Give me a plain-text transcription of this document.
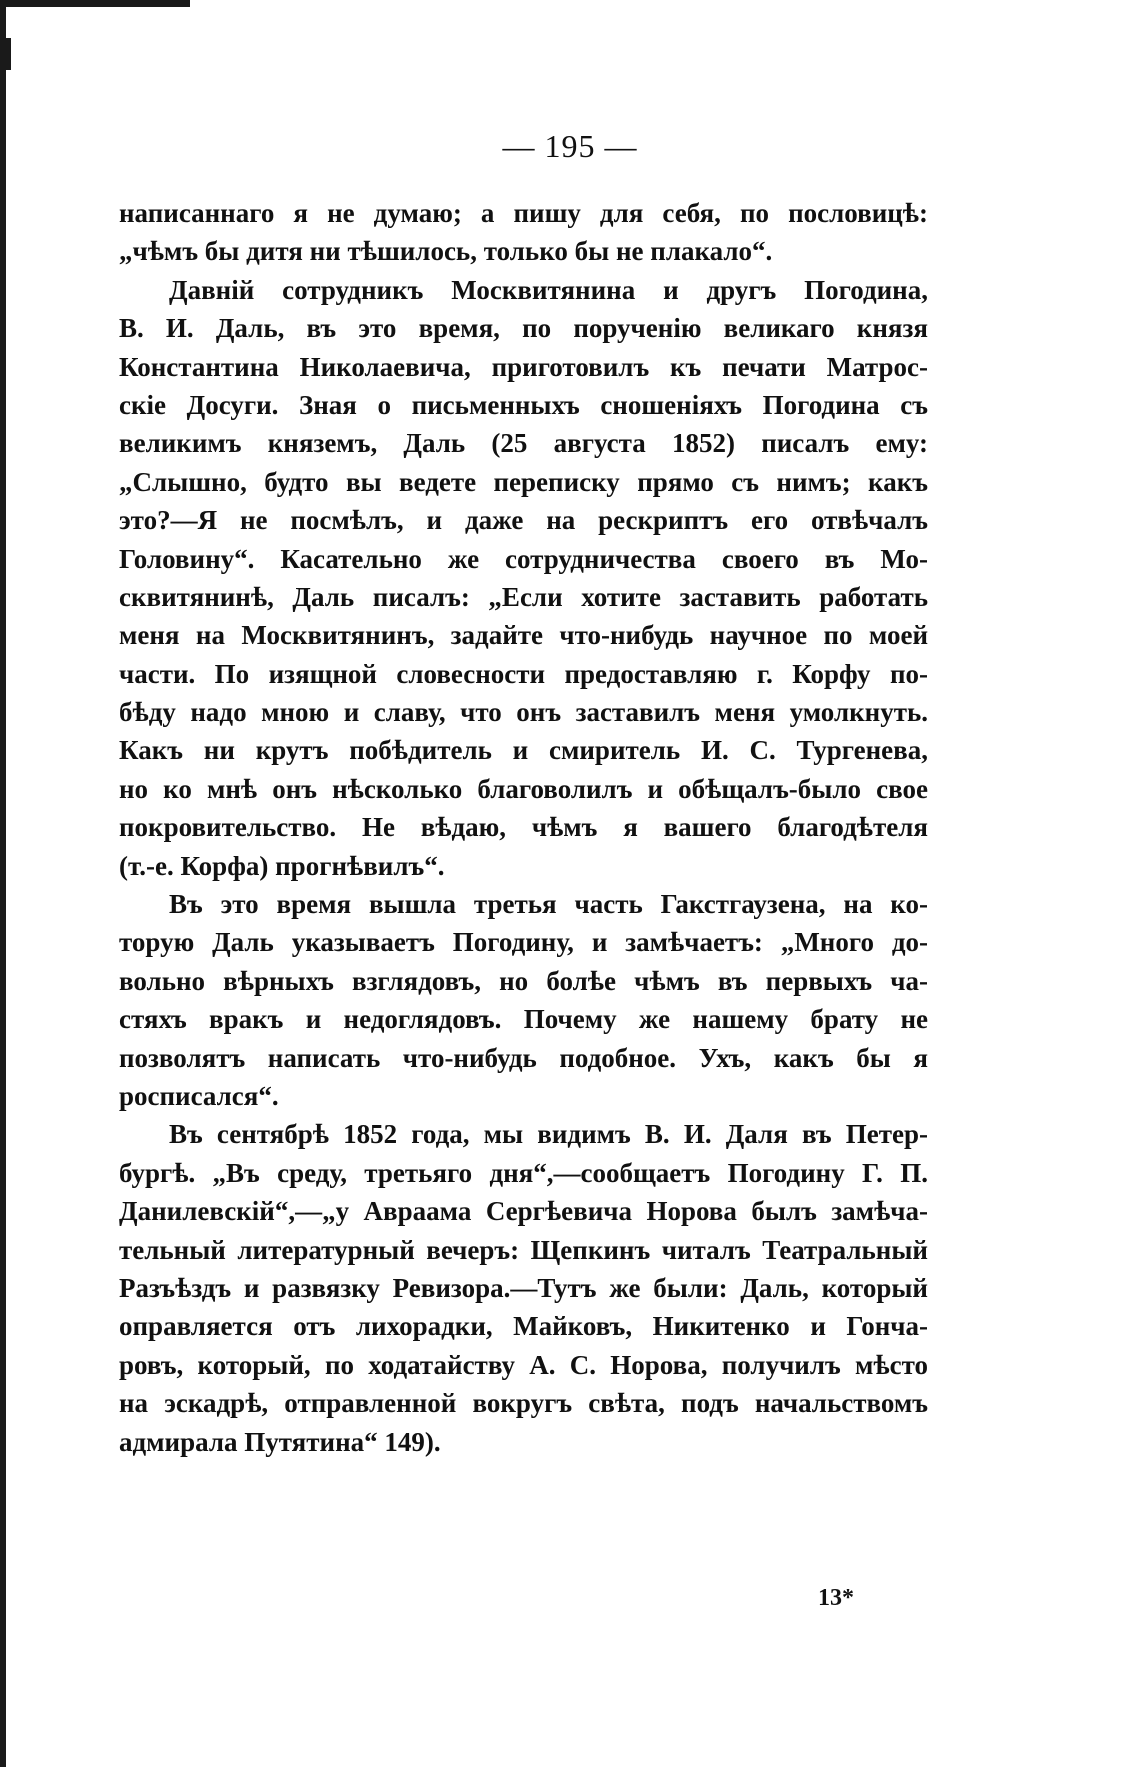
— 195 —
написаннаго я не думаю; а пишу для себя, по пословицѣ:
„чѣмъ бы дитя ни тѣшилось, только бы не плакало“.
Давній сотрудникъ Москвитянина и другъ Погодина,
В. И. Даль, въ это время, по порученію великаго князя
Константина Николаевича, приготовилъ къ печати Матрос-
скіе Досуги. Зная о письменныхъ сношеніяхъ Погодина съ
великимъ княземъ, Даль (25 августа 1852) писалъ ему:
„Слышно, будто вы ведете переписку прямо съ нимъ; какъ
это?—Я не посмѣлъ, и даже на рескриптъ его отвѣчалъ
Головину“. Касательно же сотрудничества своего въ Мо-
сквитянинѣ, Даль писалъ: „Если хотите заставить работать
меня на Москвитянинъ, задайте что-нибудь научное по моей
части. По изящной словесности предоставляю г. Корфу по-
бѣду надо мною и славу, что онъ заставилъ меня умолкнуть.
Какъ ни крутъ побѣдитель и смиритель И. С. Тургенева,
но ко мнѣ онъ нѣсколько благоволилъ и обѣщалъ-было свое
покровительство. Не вѣдаю, чѣмъ я вашего благодѣтеля
(т.-е. Корфа) прогнѣвилъ“.
Въ это время вышла третья часть Гакстгаузена, на ко-
торую Даль указываетъ Погодину, и замѣчаетъ: „Много до-
вольно вѣрныхъ взглядовъ, но болѣе чѣмъ въ первыхъ ча-
стяхъ вракъ и недоглядовъ. Почему же нашему брату не
позволятъ написать что-нибудь подобное. Ухъ, какъ бы я
росписался“.
Въ сентябрѣ 1852 года, мы видимъ В. И. Даля въ Петер-
бургѣ. „Въ среду, третьяго дня“,—сообщаетъ Погодину Г. П.
Данилевскій“,—„у Авраама Сергѣевича Норова былъ замѣча-
тельный литературный вечеръ: Щепкинъ читалъ Театральный
Разъѣздъ и развязку Ревизора.—Тутъ же были: Даль, который
оправляется отъ лихорадки, Майковъ, Никитенко и Гонча-
ровъ, который, по ходатайству А. С. Норова, получилъ мѣсто
на эскадрѣ, отправленной вокругъ свѣта, подъ начальствомъ
адмирала Путятина“ 149).
13*
